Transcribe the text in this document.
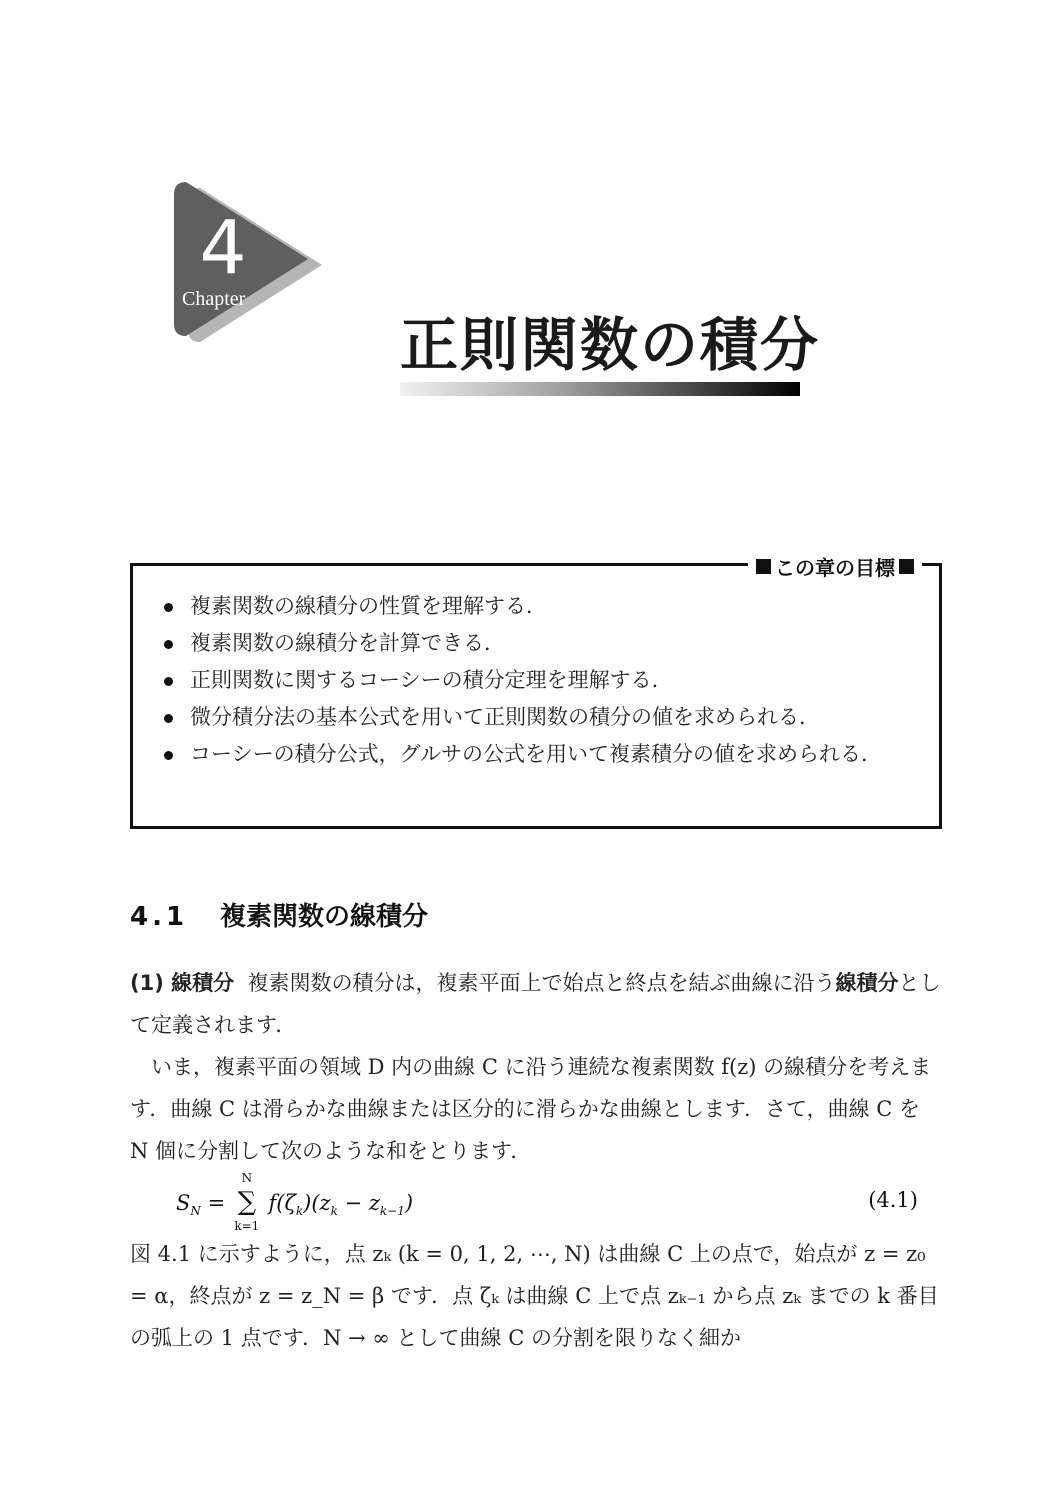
4
Chapter
正則関数の積分
この章の目標
複素関数の線積分の性質を理解する．
複素関数の線積分を計算できる．
正則関数に関するコーシーの積分定理を理解する．
微分積分法の基本公式を用いて正則関数の積分の値を求められる．
コーシーの積分公式，グルサの公式を用いて複素積分の値を求められる．
4.1 複素関数の線積分
(1) 線積分 複素関数の積分は，複素平面上で始点と終点を結ぶ曲線に沿う線積分として定義されます．
いま，複素平面の領域 D 内の曲線 C に沿う連続な複素関数 f(z) の線積分を考えます．曲線 C は滑らかな曲線または区分的に滑らかな曲線とします．さて，曲線 C を N 個に分割して次のような和をとります．
$S_N$ =
N
∑
k=1
$f(\zeta_k)(z_k - z_{k-1})$	(4.1)
図 4.1 に示すように，点 zₖ (k = 0, 1, 2, ⋯, N) は曲線 C 上の点で，始点が z = z₀ = α，終点が z = z_N = β です．点 ζₖ は曲線 C 上で点 zₖ₋₁ から点 zₖ までの k 番目の弧上の 1 点です．N → ∞ として曲線 C の分割を限りなく細か
